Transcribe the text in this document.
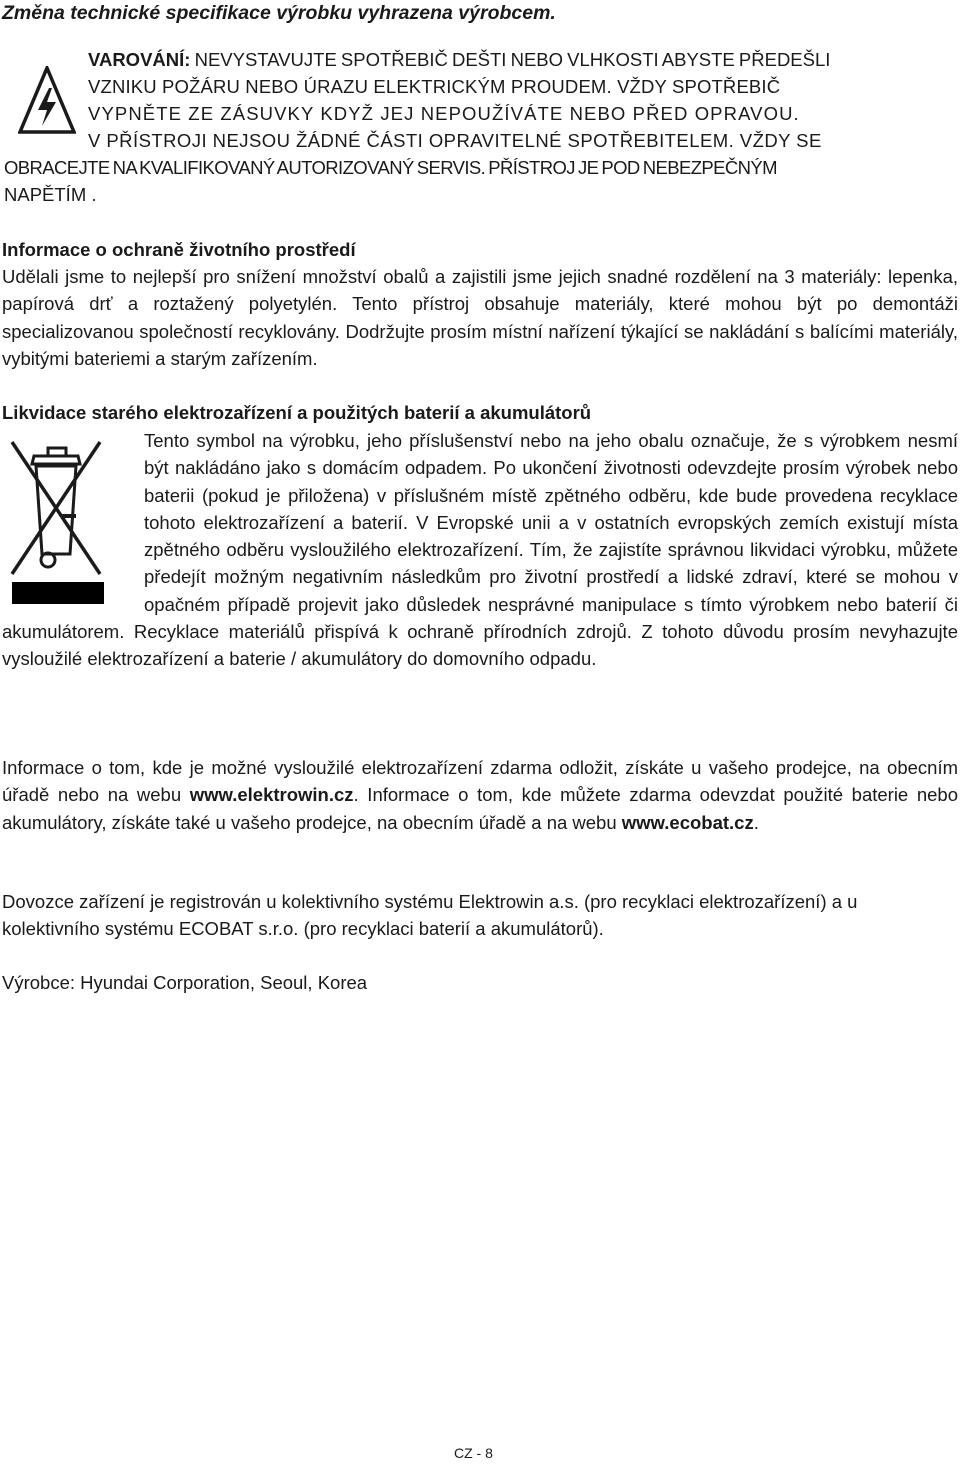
Změna technické specifikace výrobku vyhrazena výrobcem.
VAROVÁNÍ: NEVYSTAVUJTE SPOTŘEBIČ DEŠTI NEBO VLHKOSTI ABYSTE PŘEDEŠLI
VZNIKU POŽÁRU NEBO ÚRAZU ELEKTRICKÝM PROUDEM. VŽDY SPOTŘEBIČ
VYPNĚTE ZE ZÁSUVKY KDYŽ JEJ NEPOUŽÍVÁTE NEBO PŘED OPRAVOU.
V PŘÍSTROJI NEJSOU ŽÁDNÉ ČÁSTI OPRAVITELNÉ SPOTŘEBITELEM. VŽDY SE
OBRACEJTE NA KVALIFIKOVANÝ AUTORIZOVANÝ SERVIS. PŘÍSTROJ JE POD NEBEZPEČNÝM
NAPĚTÍM .
Informace o ochraně životního prostředí
Udělali jsme to nejlepší pro snížení množství obalů a zajistili jsme jejich snadné rozdělení na 3 materiály: lepenka, papírová drť a roztažený polyetylén. Tento přístroj obsahuje materiály, které mohou být po demontáži specializovanou společností recyklovány. Dodržujte prosím místní nařízení týkající se nakládání s balícími materiály, vybitými bateriemi a starým zařízením.
Likvidace starého elektrozařízení a použitých baterií a akumulátorů
Tento symbol na výrobku, jeho příslušenství nebo na jeho obalu označuje, že s výrobkem nesmí být nakládáno jako s domácím odpadem. Po ukončení životnosti odevzdejte prosím výrobek nebo baterii (pokud je přiložena) v příslušném místě zpětného odběru, kde bude provedena recyklace tohoto elektrozařízení a baterií. V Evropské unii a v ostatních evropských zemích existují místa zpětného odběru vysloužilého elektrozařízení. Tím, že zajistíte správnou likvidaci výrobku, můžete předejít možným negativním následkům pro životní prostředí a lidské zdraví, které se mohou v opačném případě projevit jako důsledek nesprávné manipulace s tímto výrobkem nebo baterií či akumulátorem. Recyklace materiálů přispívá k ochraně přírodních zdrojů. Z tohoto důvodu prosím nevyhazujte vysloužilé elektrozařízení a baterie / akumulátory do domovního odpadu.
Informace o tom, kde je možné vysloužilé elektrozařízení zdarma odložit, získáte u vašeho prodejce, na obecním úřadě nebo na webu www.elektrowin.cz. Informace o tom, kde můžete zdarma odevzdat použité baterie nebo akumulátory, získáte také u vašeho prodejce, na obecním úřadě a na webu www.ecobat.cz.
Dovozce zařízení je registrován u kolektivního systému Elektrowin a.s. (pro recyklaci elektrozařízení) a u kolektivního systému ECOBAT s.r.o. (pro recyklaci baterií a akumulátorů).
Výrobce: Hyundai Corporation, Seoul, Korea
CZ - 8
